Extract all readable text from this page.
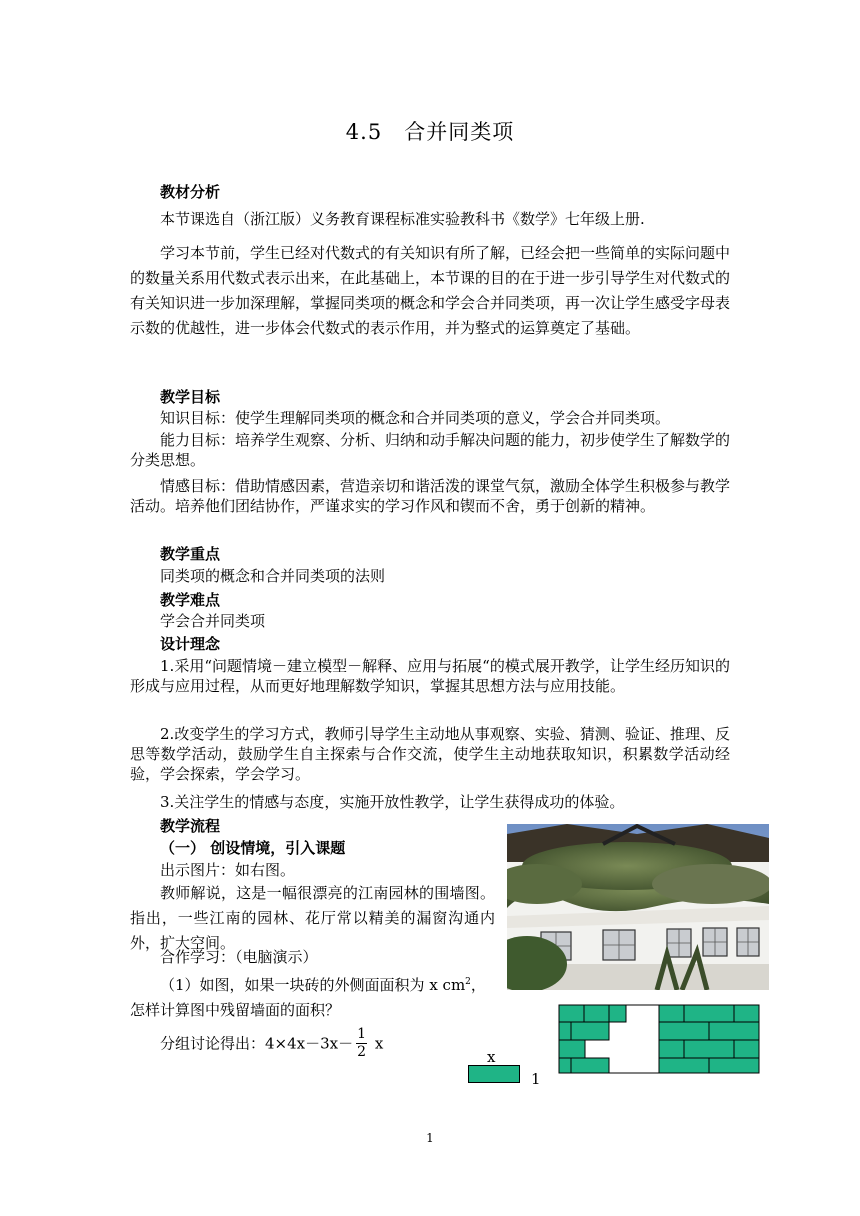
4.5　合并同类项
教材分析
本节课选自（浙江版）义务教育课程标准实验教科书《数学》七年级上册.
学习本节前，学生已经对代数式的有关知识有所了解，已经会把一些简单的实际问题中的数量关系用代数式表示出来，在此基础上，本节课的目的在于进一步引导学生对代数式的有关知识进一步加深理解，掌握同类项的概念和学会合并同类项，再一次让学生感受字母表示数的优越性，进一步体会代数式的表示作用，并为整式的运算奠定了基础。
教学目标
知识目标：使学生理解同类项的概念和合并同类项的意义，学会合并同类项。
能力目标：培养学生观察、分析、归纳和动手解决问题的能力，初步使学生了解数学的分类思想。
情感目标：借助情感因素，营造亲切和谐活泼的课堂气氛，激励全体学生积极参与教学活动。培养他们团结协作，严谨求实的学习作风和锲而不舍，勇于创新的精神。
教学重点
同类项的概念和合并同类项的法则
教学难点
学会合并同类项
设计理念
1.采用“问题情境－建立模型－解释、应用与拓展“的模式展开教学，让学生经历知识的形成与应用过程，从而更好地理解数学知识，掌握其思想方法与应用技能。
2.改变学生的学习方式，教师引导学生主动地从事观察、实验、猜测、验证、推理、反思等数学活动，鼓励学生自主探索与合作交流，使学生主动地获取知识，积累数学活动经验，学会探索，学会学习。
3.关注学生的情感与态度，实施开放性教学，让学生获得成功的体验。
教学流程
（一） 创设情境，引入课题
出示图片：如右图。
教师解说，这是一幅很漂亮的江南园林的围墙图。指出，一些江南的园林、花厅常以精美的漏窗沟通内外，扩大空间。
合作学习：（电脑演示）
（1）如图，如果一块砖的外侧面面积为 x $cm^2$，
怎样计算图中残留墙面的面积？
分组讨论得出：$4\times 4x-3x- \frac{1}{2}$ x
x
1
1
